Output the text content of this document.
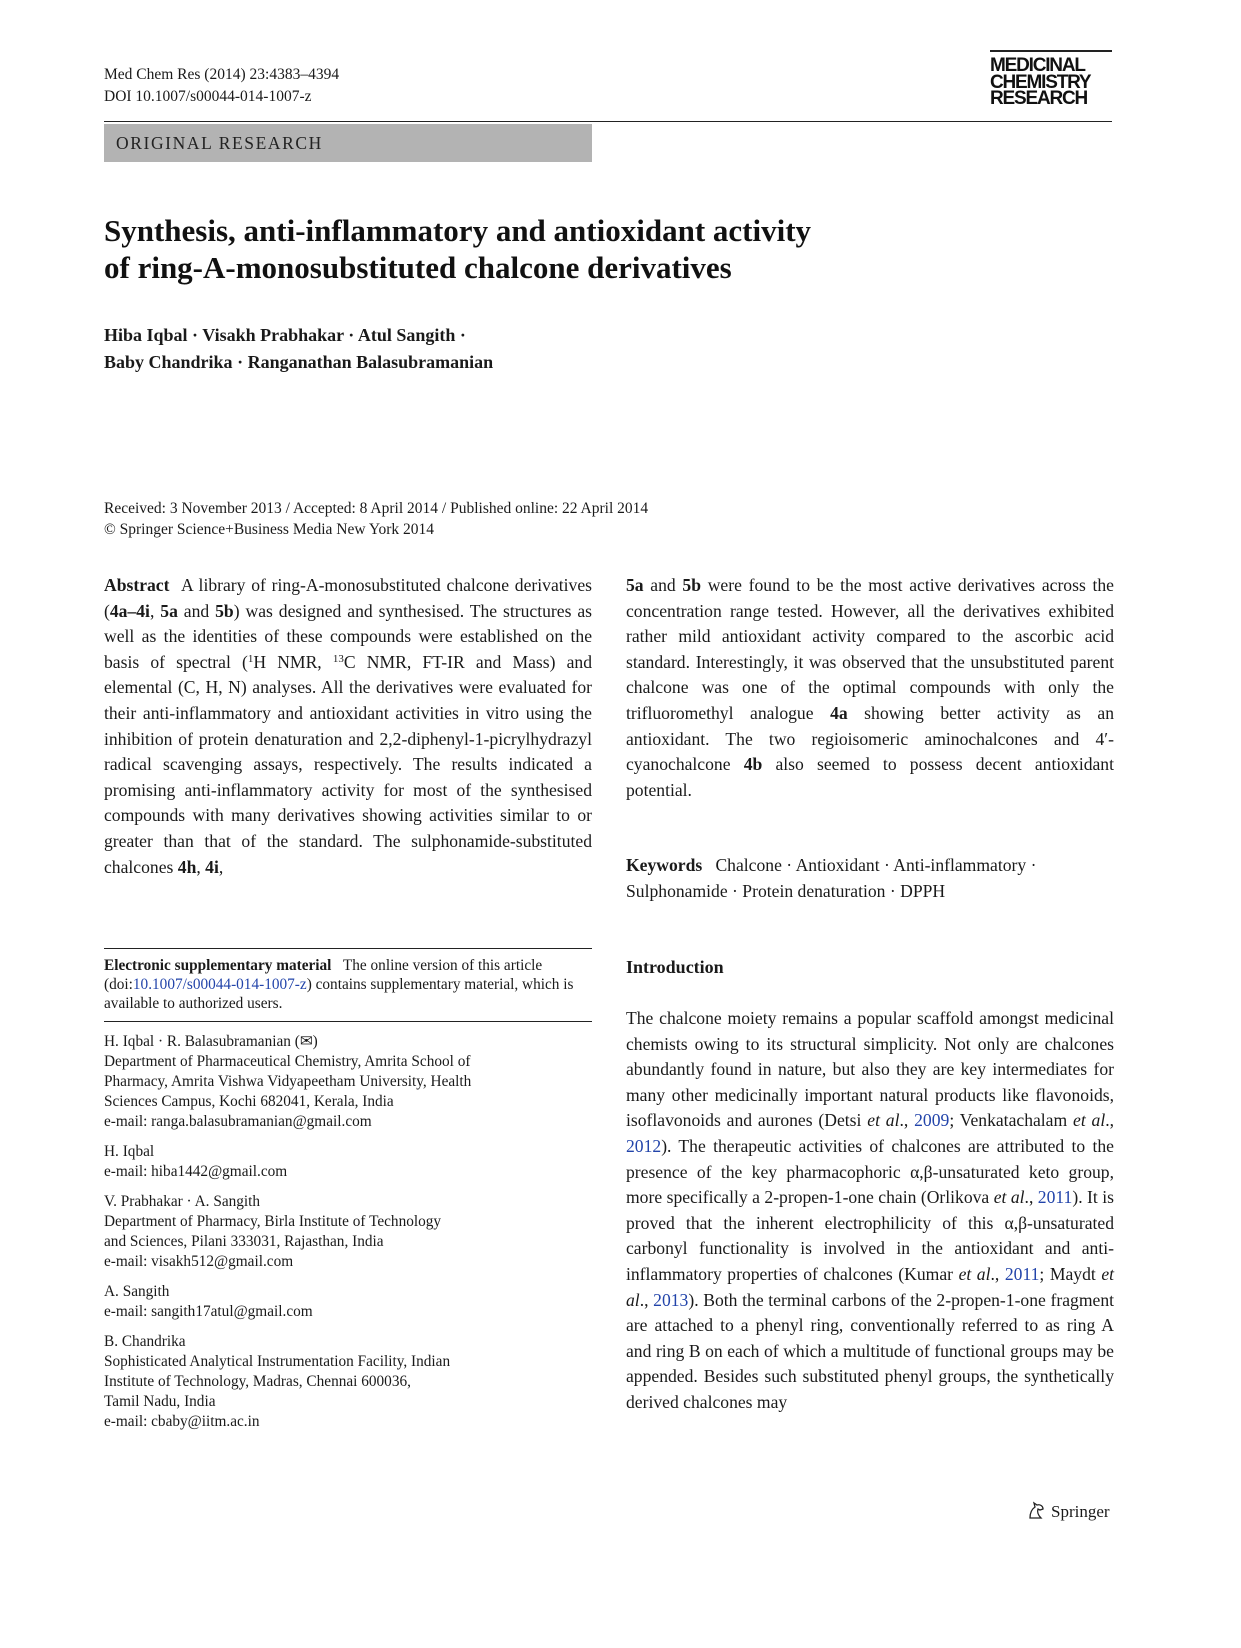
Med Chem Res (2014) 23:4383–4394
DOI 10.1007/s00044-014-1007-z
MEDICINAL
CHEMISTRY
RESEARCH
ORIGINAL RESEARCH
Synthesis, anti-inflammatory and antioxidant activity
of ring-A-monosubstituted chalcone derivatives
Hiba Iqbal · Visakh Prabhakar · Atul Sangith ·
Baby Chandrika · Ranganathan Balasubramanian
Received: 3 November 2013 / Accepted: 8 April 2014 / Published online: 22 April 2014
© Springer Science+Business Media New York 2014

Abstract A library of ring-A-monosubstituted chalcone derivatives (4a–4i, 5a and 5b) was designed and synthesised. The structures as well as the identities of these compounds were established on the basis of spectral ($^1$H NMR, $^{13}$C NMR, FT-IR and Mass) and elemental (C, H, N) analyses. All the derivatives were evaluated for their anti-inflammatory and antioxidant activities in vitro using the inhibition of protein denaturation and 2,2-diphenyl-1-picrylhydrazyl radical scavenging assays, respectively. The results indicated a promising anti-inflammatory activity for most of the synthesised compounds with many derivatives showing activities similar to or greater than that of the standard. The sulphonamide-substituted chalcones 4h, 4i,

5a and 5b were found to be the most active derivatives across the concentration range tested. However, all the derivatives exhibited rather mild antioxidant activity compared to the ascorbic acid standard. Interestingly, it was observed that the unsubstituted parent chalcone was one of the optimal compounds with only the trifluoromethyl analogue 4a showing better activity as an antioxidant. The two regioisomeric aminochalcones and 4′-cyanochalcone 4b also seemed to possess decent antioxidant potential.

Keywords Chalcone · Antioxidant · Anti-inflammatory · Sulphonamide · Protein denaturation · DPPH
Electronic supplementary material The online version of this article (doi:10.1007/s00044-014-1007-z) contains supplementary material, which is available to authorized users.

H. Iqbal · R. Balasubramanian (✉)

Department of Pharmaceutical Chemistry, Amrita School of

Pharmacy, Amrita Vishwa Vidyapeetham University, Health

Sciences Campus, Kochi 682041, Kerala, India

e-mail: ranga.balasubramanian@gmail.com

H. Iqbal

e-mail: hiba1442@gmail.com

V. Prabhakar · A. Sangith

Department of Pharmacy, Birla Institute of Technology

and Sciences, Pilani 333031, Rajasthan, India

e-mail: visakh512@gmail.com

A. Sangith

e-mail: sangith17atul@gmail.com

B. Chandrika

Sophisticated Analytical Instrumentation Facility, Indian

Institute of Technology, Madras, Chennai 600036,

Tamil Nadu, India

e-mail: cbaby@iitm.ac.in

Introduction

The chalcone moiety remains a popular scaffold amongst medicinal chemists owing to its structural simplicity. Not only are chalcones abundantly found in nature, but also they are key intermediates for many other medicinally important natural products like flavonoids, isoflavonoids and aurones (Detsi et al., 2009; Venkatachalam et al., 2012). The therapeutic activities of chalcones are attributed to the presence of the key pharmacophoric α,β-unsaturated keto group, more specifically a 2-propen-1-one chain (Orlikova et al., 2011). It is proved that the inherent electrophilicity of this α,β-unsaturated carbonyl functionality is involved in the antioxidant and anti-inflammatory properties of chalcones (Kumar et al., 2011; Maydt et al., 2013). Both the terminal carbons of the 2-propen-1-one fragment are attached to a phenyl ring, conventionally referred to as ring A and ring B on each of which a multitude of functional groups may be appended. Besides such substituted phenyl groups, the synthetically derived chalcones may

Springer
